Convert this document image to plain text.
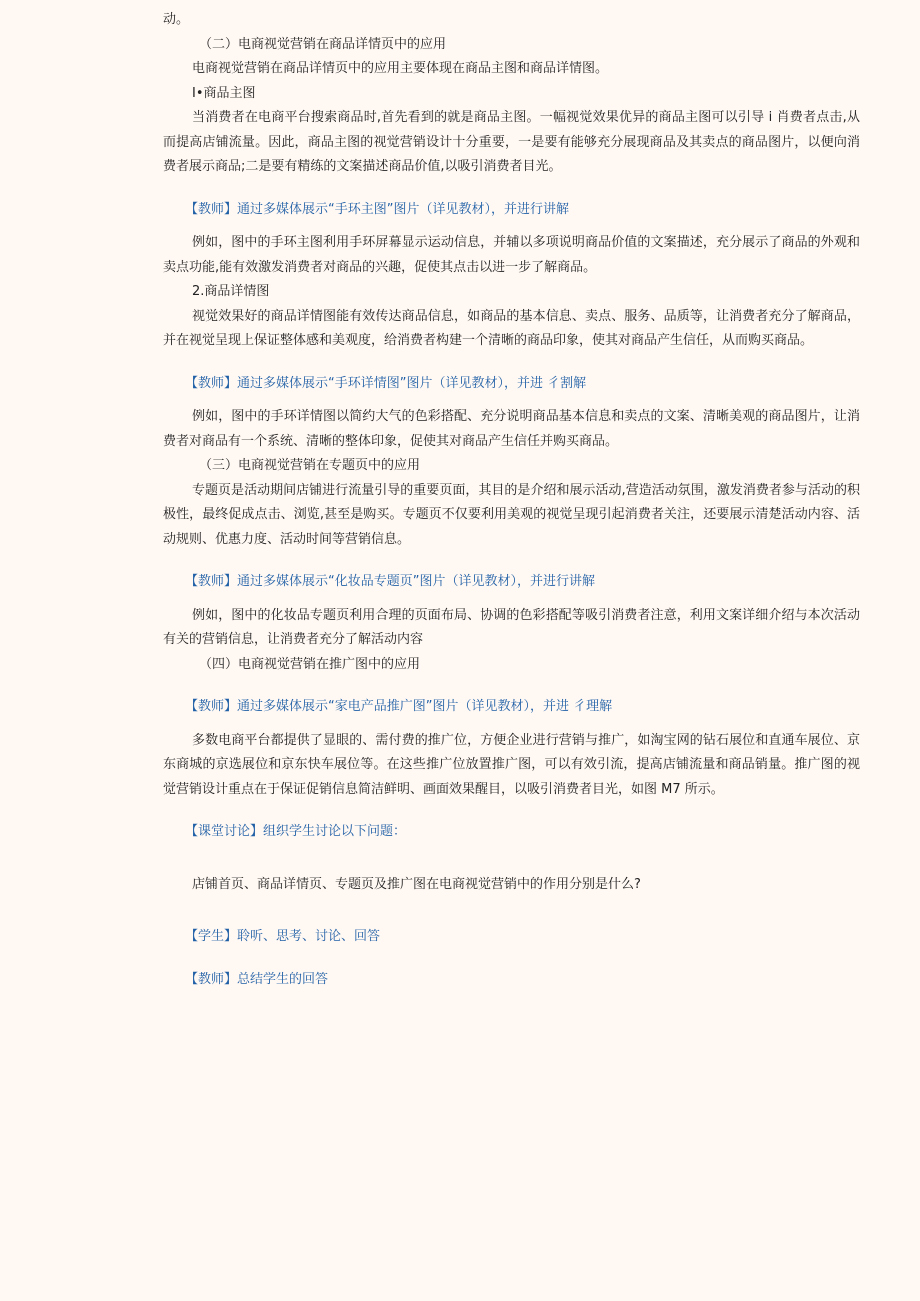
动。

（二）电商视觉营销在商品详情页中的应用

电商视觉营销在商品详情页中的应用主要体现在商品主图和商品详情图。

I•商品主图

当消费者在电商平台搜索商品时,首先看到的就是商品主图。一幅视觉效果优异的商品主图可以引导 i 肖费者点击,从而提高店铺流量。因此，商品主图的视觉营销设计十分重要，一是要有能够充分展现商品及其卖点的商品图片，以便向消费者展示商品;二是要有精练的文案描述商品价值,以吸引消费者目光。

【教师】通过多媒体展示“手环主图”图片（详见教材），并进行讲解

例如，图中的手环主图利用手环屏幕显示运动信息，并辅以多项说明商品价值的文案描述，充分展示了商品的外观和卖点功能,能有效激发消费者对商品的兴趣，促使其点击以进一步了解商品。

2.商品详情图

视觉效果好的商品详情图能有效传达商品信息，如商品的基本信息、卖点、服务、品质等，让消费者充分了解商品，并在视觉呈现上保证整体感和美观度，给消费者构建一个清晰的商品印象，使其对商品产生信任，从而购买商品。

【教师】通过多媒体展示“手环详情图”图片（详见教材），并进 彳割解

例如，图中的手环详情图以简约大气的色彩搭配、充分说明商品基本信息和卖点的文案、清晰美观的商品图片，让消费者对商品有一个系统、清晰的整体印象，促使其对商品产生信任并购买商品。

（三）电商视觉营销在专题页中的应用

专题页是活动期间店铺进行流量引导的重要页面，其目的是介绍和展示活动,营造活动氛围，激发消费者参与活动的积极性，最终促成点击、浏览,甚至是购买。专题页不仅要利用美观的视觉呈现引起消费者关注，还要展示清楚活动内容、活动规则、优惠力度、活动时间等营销信息。

【教师】通过多媒体展示“化妆品专题页”图片（详见教材），并进行讲解

例如，图中的化妆品专题页利用合理的页面布局、协调的色彩搭配等吸引消费者注意，利用文案详细介绍与本次活动有关的营销信息，让消费者充分了解活动内容

（四）电商视觉营销在推广图中的应用

【教师】通过多媒体展示“家电产品推广图”图片（详见教材），并进 彳理解

多数电商平台都提供了显眼的、需付费的推广位，方便企业进行营销与推广，如淘宝网的钻石展位和直通车展位、京东商城的京选展位和京东快车展位等。在这些推广位放置推广图，可以有效引流，提高店铺流量和商品销量。推广图的视觉营销设计重点在于保证促销信息简洁鲜明、画面效果醒目，以吸引消费者目光，如图 M7 所示。

【课堂讨论】组织学生讨论以下问题：

店铺首页、商品详情页、专题页及推广图在电商视觉营销中的作用分别是什么?

【学生】聆听、思考、讨论、回答

【教师】总结学生的回答
